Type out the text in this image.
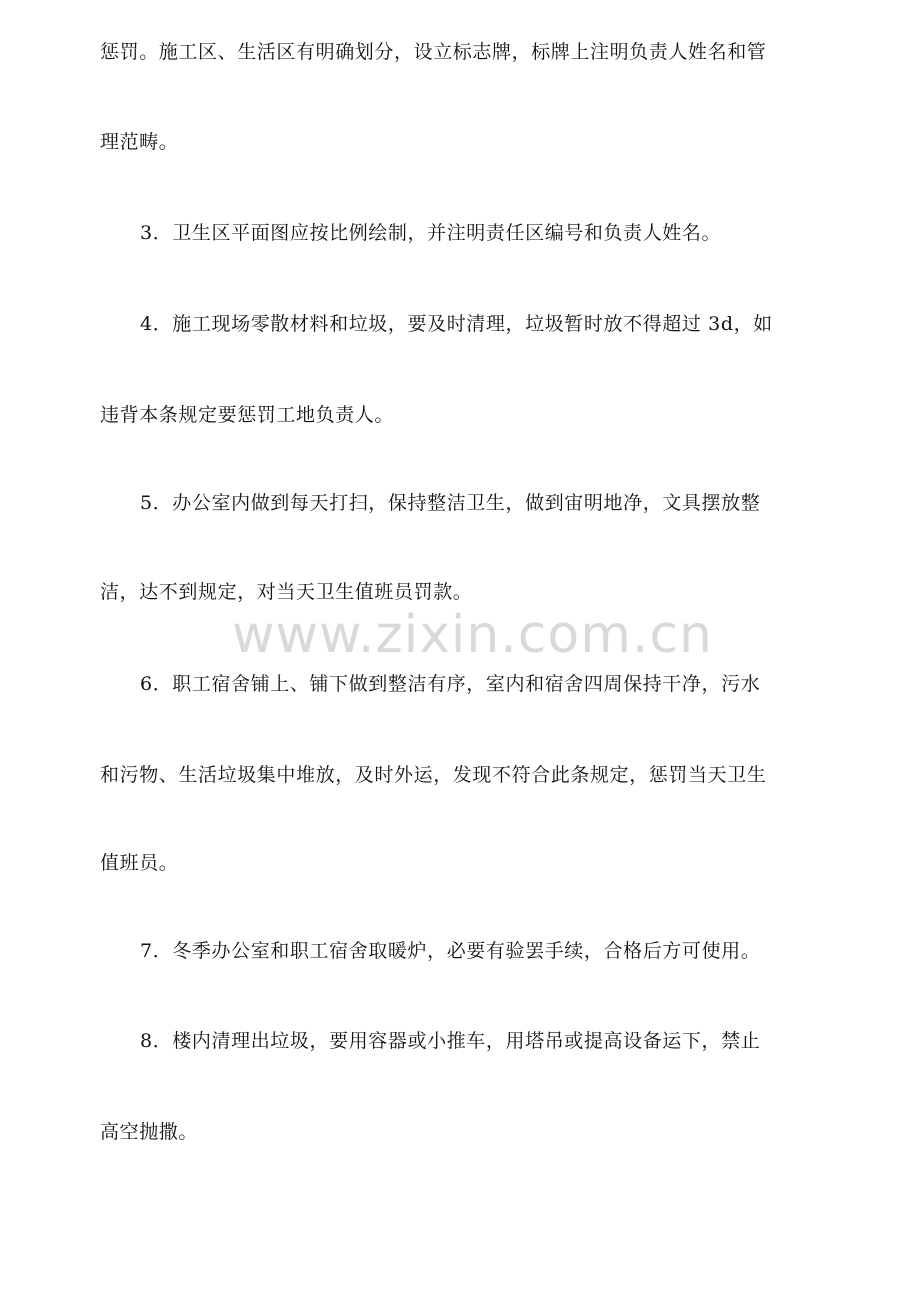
惩罚。施工区、生活区有明确划分，设立标志牌，标牌上注明负责人姓名和管
理范畴。
3．卫生区平面图应按比例绘制，并注明责任区编号和负责人姓名。
4．施工现场零散材料和垃圾，要及时清理，垃圾暂时放不得超过 3d，如
违背本条规定要惩罚工地负责人。
5．办公室内做到每天打扫，保持整洁卫生，做到宙明地净，文具摆放整
洁，达不到规定，对当天卫生值班员罚款。
6．职工宿舍铺上、铺下做到整洁有序，室内和宿舍四周保持干净，污水
和污物、生活垃圾集中堆放，及时外运，发现不符合此条规定，惩罚当天卫生
值班员。
7．冬季办公室和职工宿舍取暖炉，必要有验罢手续，合格后方可使用。
8．楼内清理出垃圾，要用容器或小推车，用塔吊或提高设备运下，禁止
高空抛撒。
www.zixin.com.cn
